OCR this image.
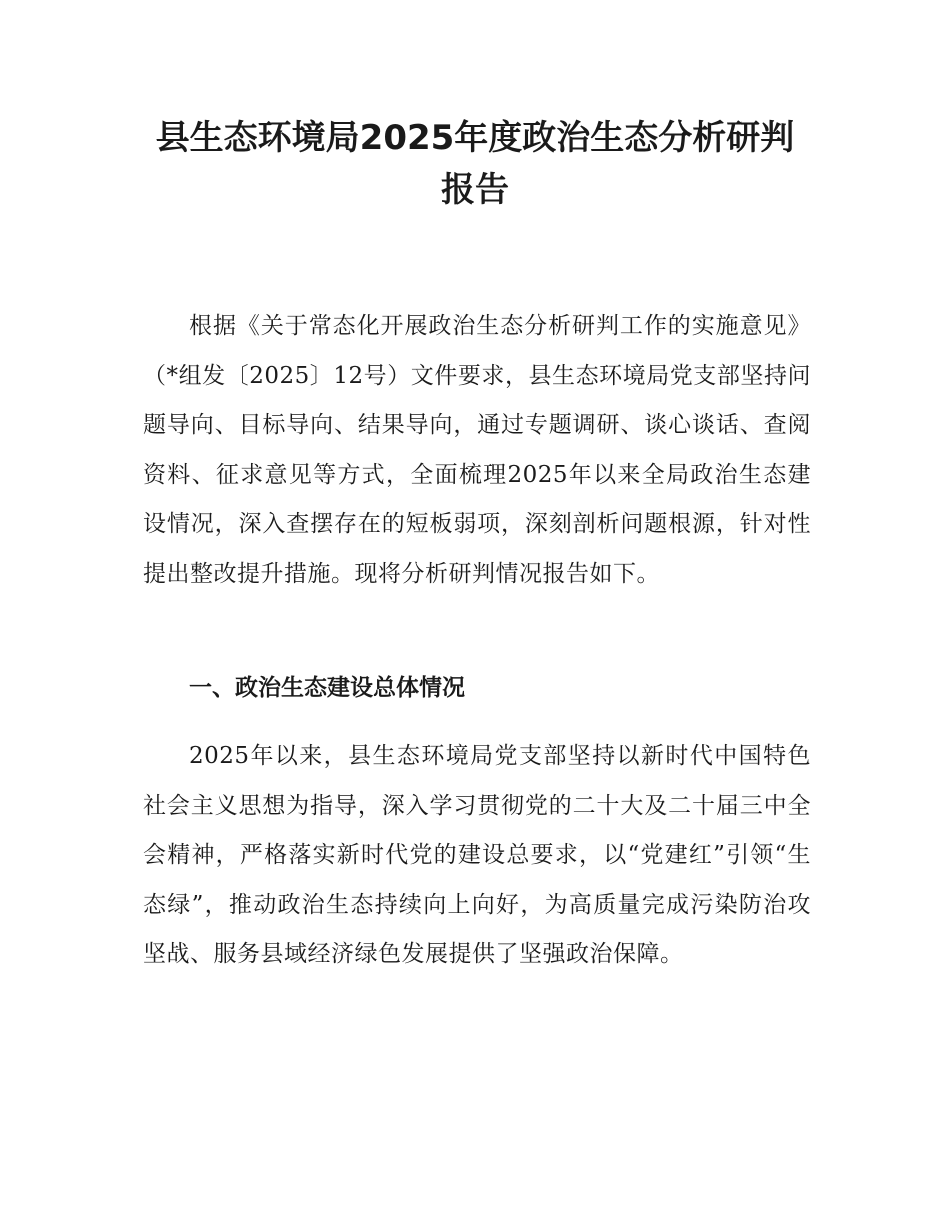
县生态环境局2025年度政治生态分析研判报告

根据《关于常态化开展政治生态分析研判工作的实施意见》（*组发〔2025〕12号）文件要求，县生态环境局党支部坚持问题导向、目标导向、结果导向，通过专题调研、谈心谈话、查阅资料、征求意见等方式，全面梳理2025年以来全局政治生态建设情况，深入查摆存在的短板弱项，深刻剖析问题根源，针对性提出整改提升措施。现将分析研判情况报告如下。

一、政治生态建设总体情况

2025年以来，县生态环境局党支部坚持以新时代中国特色社会主义思想为指导，深入学习贯彻党的二十大及二十届三中全会精神，严格落实新时代党的建设总要求，以“党建红”引领“生态绿”，推动政治生态持续向上向好，为高质量完成污染防治攻坚战、服务县域经济绿色发展提供了坚强政治保障。
